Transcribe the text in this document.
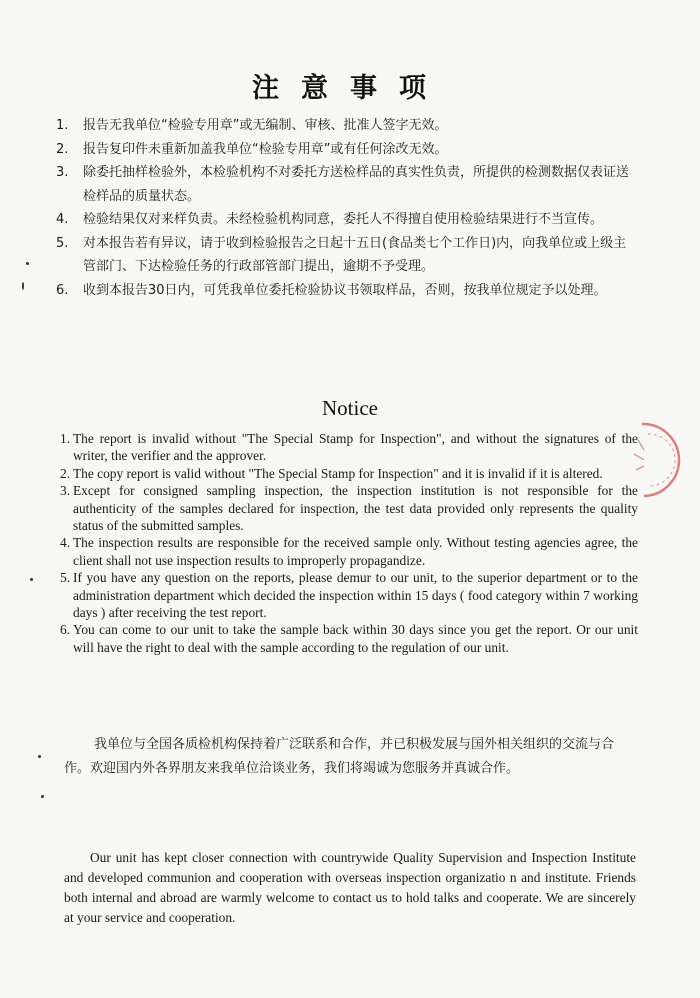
注意事项
1.	报告无我单位“检验专用章”或无编制、审核、批准人签字无效。
2.	报告复印件未重新加盖我单位“检验专用章”或有任何涂改无效。
3.	除委托抽样检验外，本检验机构不对委托方送检样品的真实性负责，所提供的检测数据仅表证送检样品的质量状态。
4.	检验结果仅对来样负责。未经检验机构同意，委托人不得擅自使用检验结果进行不当宣传。
5.	对本报告若有异议，请于收到检验报告之日起十五日(食品类七个工作日)内，向我单位或上级主管部门、下达检验任务的行政部管部门提出，逾期不予受理。
6.	收到本报告30日内，可凭我单位委托检验协议书领取样品，否则，按我单位规定予以处理。
Notice
1. The report is invalid without "The Special Stamp for Inspection", and without the signatures of the writer, the verifier and the approver.
2. The copy report is valid without "The Special Stamp for Inspection" and it is invalid if it is altered.
3. Except for consigned sampling inspection, the inspection institution is not responsible for the authenticity of the samples declared for inspection, the test data provided only represents the quality status of the submitted samples.
4. The inspection results are responsible for the received sample only. Without testing agencies agree, the client shall not use inspection results to improperly propagandize.
5. If you have any question on the reports, please demur to our unit, to the superior department or to the administration department which decided the inspection within 15 days ( food category within 7 working days ) after receiving the test report.
6. You can come to our unit to take the sample back within 30 days since you get the report. Or our unit will have the right to deal with the sample according to the regulation of our unit.
我单位与全国各质检机构保持着广泛联系和合作，并已积极发展与国外相关组织的交流与合作。欢迎国内外各界朋友来我单位洽谈业务，我们将竭诚为您服务并真诚合作。
Our unit has kept closer connection with countrywide Quality Supervision and Inspection Institute and developed communion and cooperation with overseas inspection organizatio n and institute. Friends both internal and abroad are warmly welcome to contact us to hold talks and cooperate. We are sincerely at your service and cooperation.
